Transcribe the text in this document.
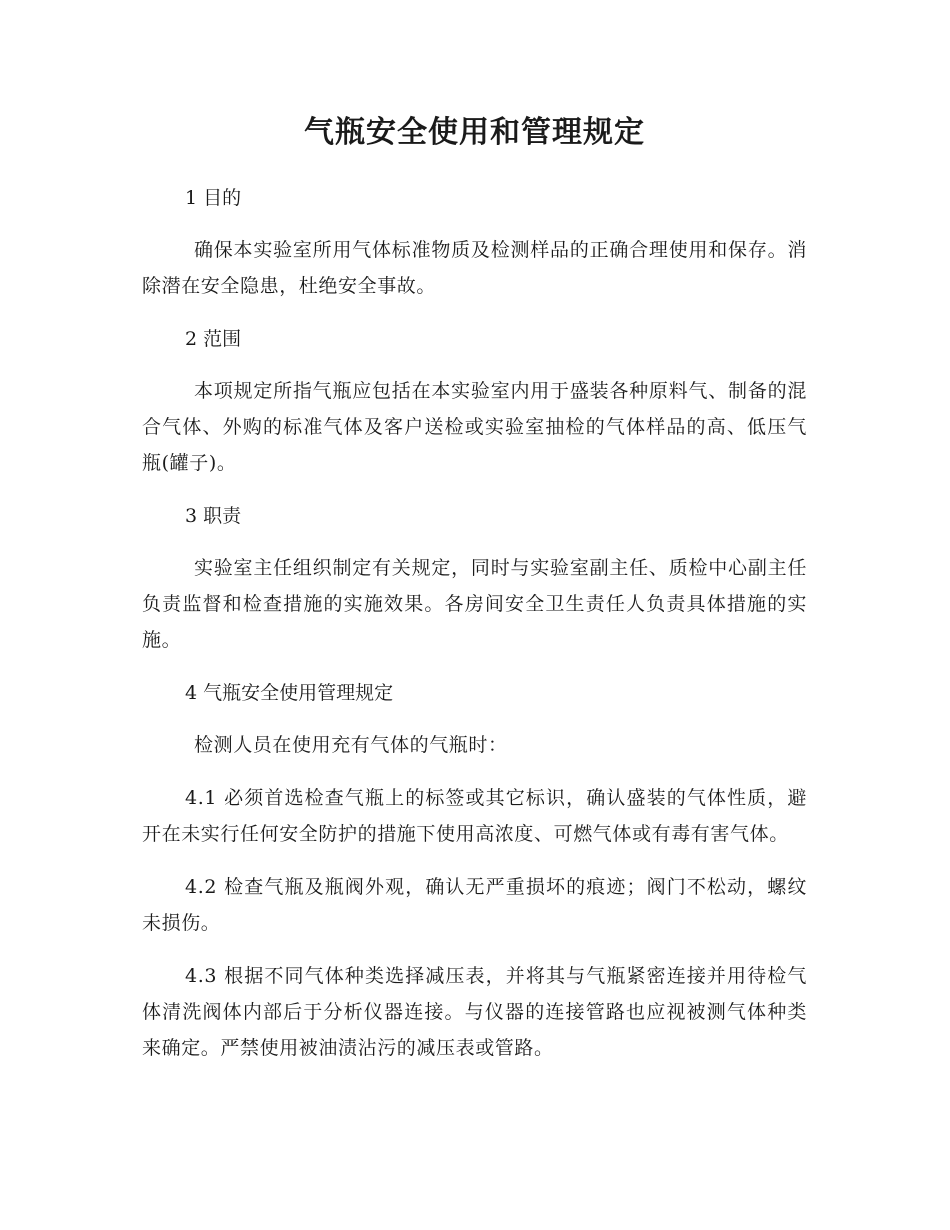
气瓶安全使用和管理规定
1 目的
确保本实验室所用气体标准物质及检测样品的正确合理使用和保存。消除潜在安全隐患，杜绝安全事故。
2 范围
本项规定所指气瓶应包括在本实验室内用于盛装各种原料气、制备的混合气体、外购的标准气体及客户送检或实验室抽检的气体样品的高、低压气瓶(罐子)。
3 职责
实验室主任组织制定有关规定，同时与实验室副主任、质检中心副主任负责监督和检查措施的实施效果。各房间安全卫生责任人负责具体措施的实施。
4 气瓶安全使用管理规定
检测人员在使用充有气体的气瓶时：
4.1 必须首选检查气瓶上的标签或其它标识，确认盛装的气体性质，避开在未实行任何安全防护的措施下使用高浓度、可燃气体或有毒有害气体。
4.2 检查气瓶及瓶阀外观，确认无严重损坏的痕迹；阀门不松动，螺纹未损伤。
4.3 根据不同气体种类选择减压表，并将其与气瓶紧密连接并用待检气体清洗阀体内部后于分析仪器连接。与仪器的连接管路也应视被测气体种类来确定。严禁使用被油渍沾污的减压表或管路。
